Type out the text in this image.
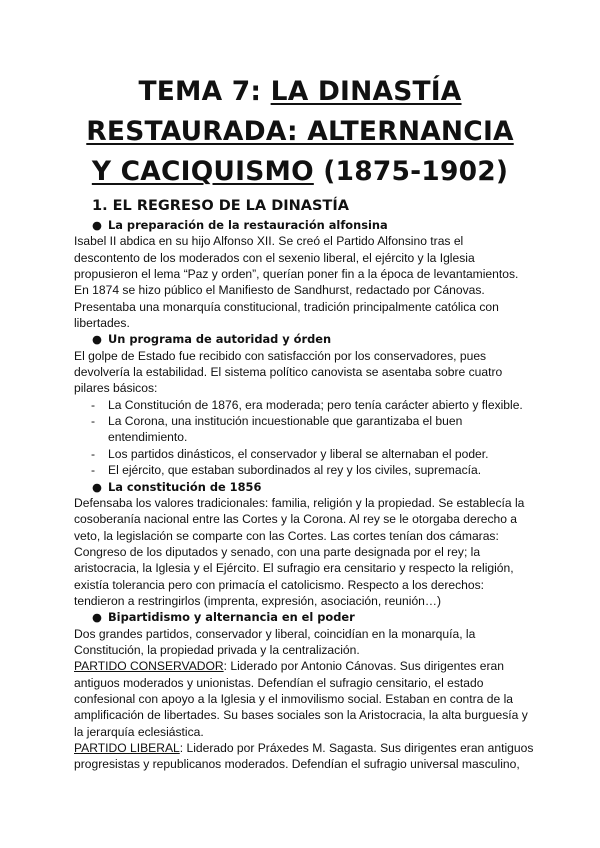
TEMA 7: LA DINASTÍA
RESTAURADA: ALTERNANCIA
Y CACIQUISMO (1875-1902)
1. EL REGRESO DE LA DINASTÍA
● La preparación de la restauración alfonsina
Isabel II abdica en su hijo Alfonso XII. Se creó el Partido Alfonsino tras el
descontento de los moderados con el sexenio liberal, el ejército y la Iglesia
propusieron el lema “Paz y orden”, querían poner fin a la época de levantamientos.
En 1874 se hizo público el Manifiesto de Sandhurst, redactado por Cánovas.
Presentaba una monarquía constitucional, tradición principalmente católica con
libertades.
● Un programa de autoridad y órden
El golpe de Estado fue recibido con satisfacción por los conservadores, pues
devolvería la estabilidad. El sistema político canovista se asentaba sobre cuatro
pilares básicos:
- La Constitución de 1876, era moderada; pero tenía carácter abierto y flexible.
- La Corona, una institución incuestionable que garantizaba el buen
entendimiento.
- Los partidos dinásticos, el conservador y liberal se alternaban el poder.
- El ejército, que estaban subordinados al rey y los civiles, supremacía.
● La constitución de 1856
Defensaba los valores tradicionales: familia, religión y la propiedad. Se establecía la
cosoberanía nacional entre las Cortes y la Corona. Al rey se le otorgaba derecho a
veto, la legislación se comparte con las Cortes. Las cortes tenían dos cámaras:
Congreso de los diputados y senado, con una parte designada por el rey; la
aristocracia, la Iglesia y el Ejército. El sufragio era censitario y respecto la religión,
existía tolerancia pero con primacía el catolicismo. Respecto a los derechos:
tendieron a restringirlos (imprenta, expresión, asociación, reunión…)
● Bipartidismo y alternancia en el poder
Dos grandes partidos, conservador y liberal, coincidían en la monarquía, la
Constitución, la propiedad privada y la centralización.
PARTIDO CONSERVADOR: Liderado por Antonio Cánovas. Sus dirigentes eran
antiguos moderados y unionistas. Defendían el sufragio censitario, el estado
confesional con apoyo a la Iglesia y el inmovilismo social. Estaban en contra de la
amplificación de libertades. Su bases sociales son la Aristocracia, la alta burguesía y
la jerarquía eclesiástica.
PARTIDO LIBERAL: Liderado por Práxedes M. Sagasta. Sus dirigentes eran antiguos
progresistas y republicanos moderados. Defendían el sufragio universal masculino,
